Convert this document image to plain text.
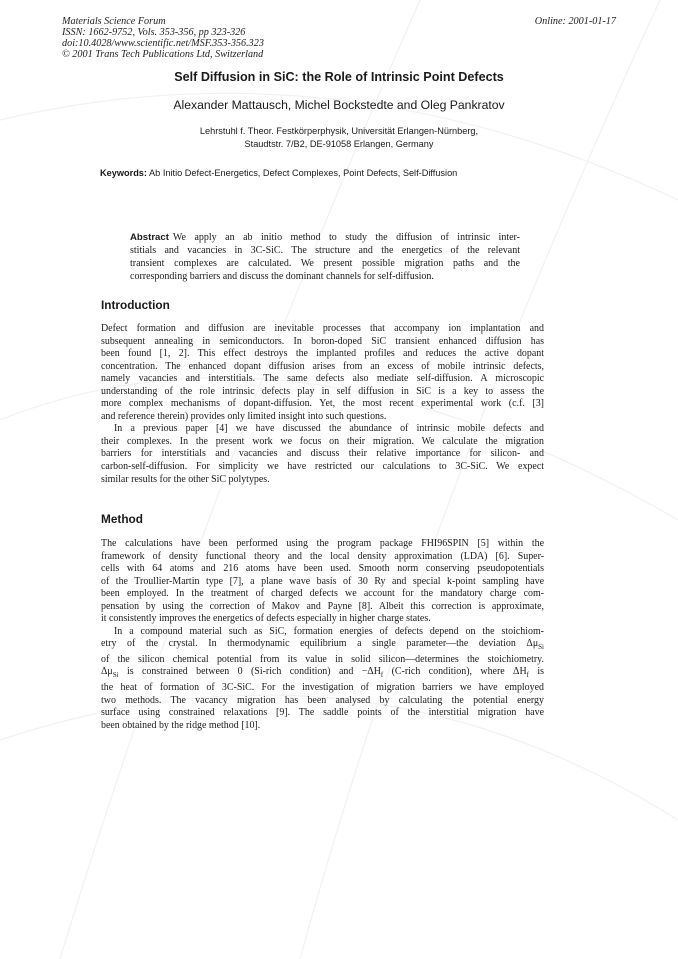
Materials Science Forum
ISSN: 1662-9752, Vols. 353-356, pp 323-326
doi:10.4028/www.scientific.net/MSF.353-356.323
© 2001 Trans Tech Publications Ltd, Switzerland
Online: 2001-01-17
Self Diffusion in SiC: the Role of Intrinsic Point Defects
Alexander Mattausch, Michel Bockstedte and Oleg Pankratov
Lehrstuhl f. Theor. Festkörperphysik, Universität Erlangen-Nürnberg,
Staudtstr. 7/B2, DE-91058 Erlangen, Germany
Keywords: Ab Initio Defect-Energetics, Defect Complexes, Point Defects, Self-Diffusion
Abstract We apply an ab initio method to study the diffusion of intrinsic inter-
stitials and vacancies in 3C-SiC. The structure and the energetics of the relevant
transient complexes are calculated. We present possible migration paths and the
corresponding barriers and discuss the dominant channels for self-diffusion.
Introduction
Defect formation and diffusion are inevitable processes that accompany ion implantation and
subsequent annealing in semiconductors. In boron-doped SiC transient enhanced diffusion has
been found [1, 2]. This effect destroys the implanted profiles and reduces the active dopant
concentration. The enhanced dopant diffusion arises from an excess of mobile intrinsic defects,
namely vacancies and interstitials. The same defects also mediate self-diffusion. A microscopic
understanding of the role intrinsic defects play in self diffusion in SiC is a key to assess the
more complex mechanisms of dopant-diffusion. Yet, the most recent experimental work (c.f. [3]
and reference therein) provides only limited insight into such questions.
In a previous paper [4] we have discussed the abundance of intrinsic mobile defects and
their complexes. In the present work we focus on their migration. We calculate the migration
barriers for interstitials and vacancies and discuss their relative importance for silicon- and
carbon-self-diffusion. For simplicity we have restricted our calculations to 3C-SiC. We expect
similar results for the other SiC polytypes.
Method
The calculations have been performed using the program package FHI96SPIN [5] within the
framework of density functional theory and the local density approximation (LDA) [6]. Super-
cells with 64 atoms and 216 atoms have been used. Smooth norm conserving pseudopotentials
of the Troullier-Martin type [7], a plane wave basis of 30 Ry and special k-point sampling have
been employed. In the treatment of charged defects we account for the mandatory charge com-
pensation by using the correction of Makov and Payne [8]. Albeit this correction is approximate,
it consistently improves the energetics of defects especially in higher charge states.
In a compound material such as SiC, formation energies of defects depend on the stoichiom-
etry of the crystal. In thermodynamic equilibrium a single parameter—the deviation $\Delta\mu_{Si}$
of the silicon chemical potential from its value in solid silicon—determines the stoichiometry.
$\Delta\mu_{Si}$ is constrained between 0 (Si-rich condition) and $-\Delta H_f$ (C-rich condition), where $\Delta H_f$ is
the heat of formation of 3C-SiC. For the investigation of migration barriers we have employed
two methods. The vacancy migration has been analysed by calculating the potential energy
surface using constrained relaxations [9]. The saddle points of the interstitial migration have
been obtained by the ridge method [10].
